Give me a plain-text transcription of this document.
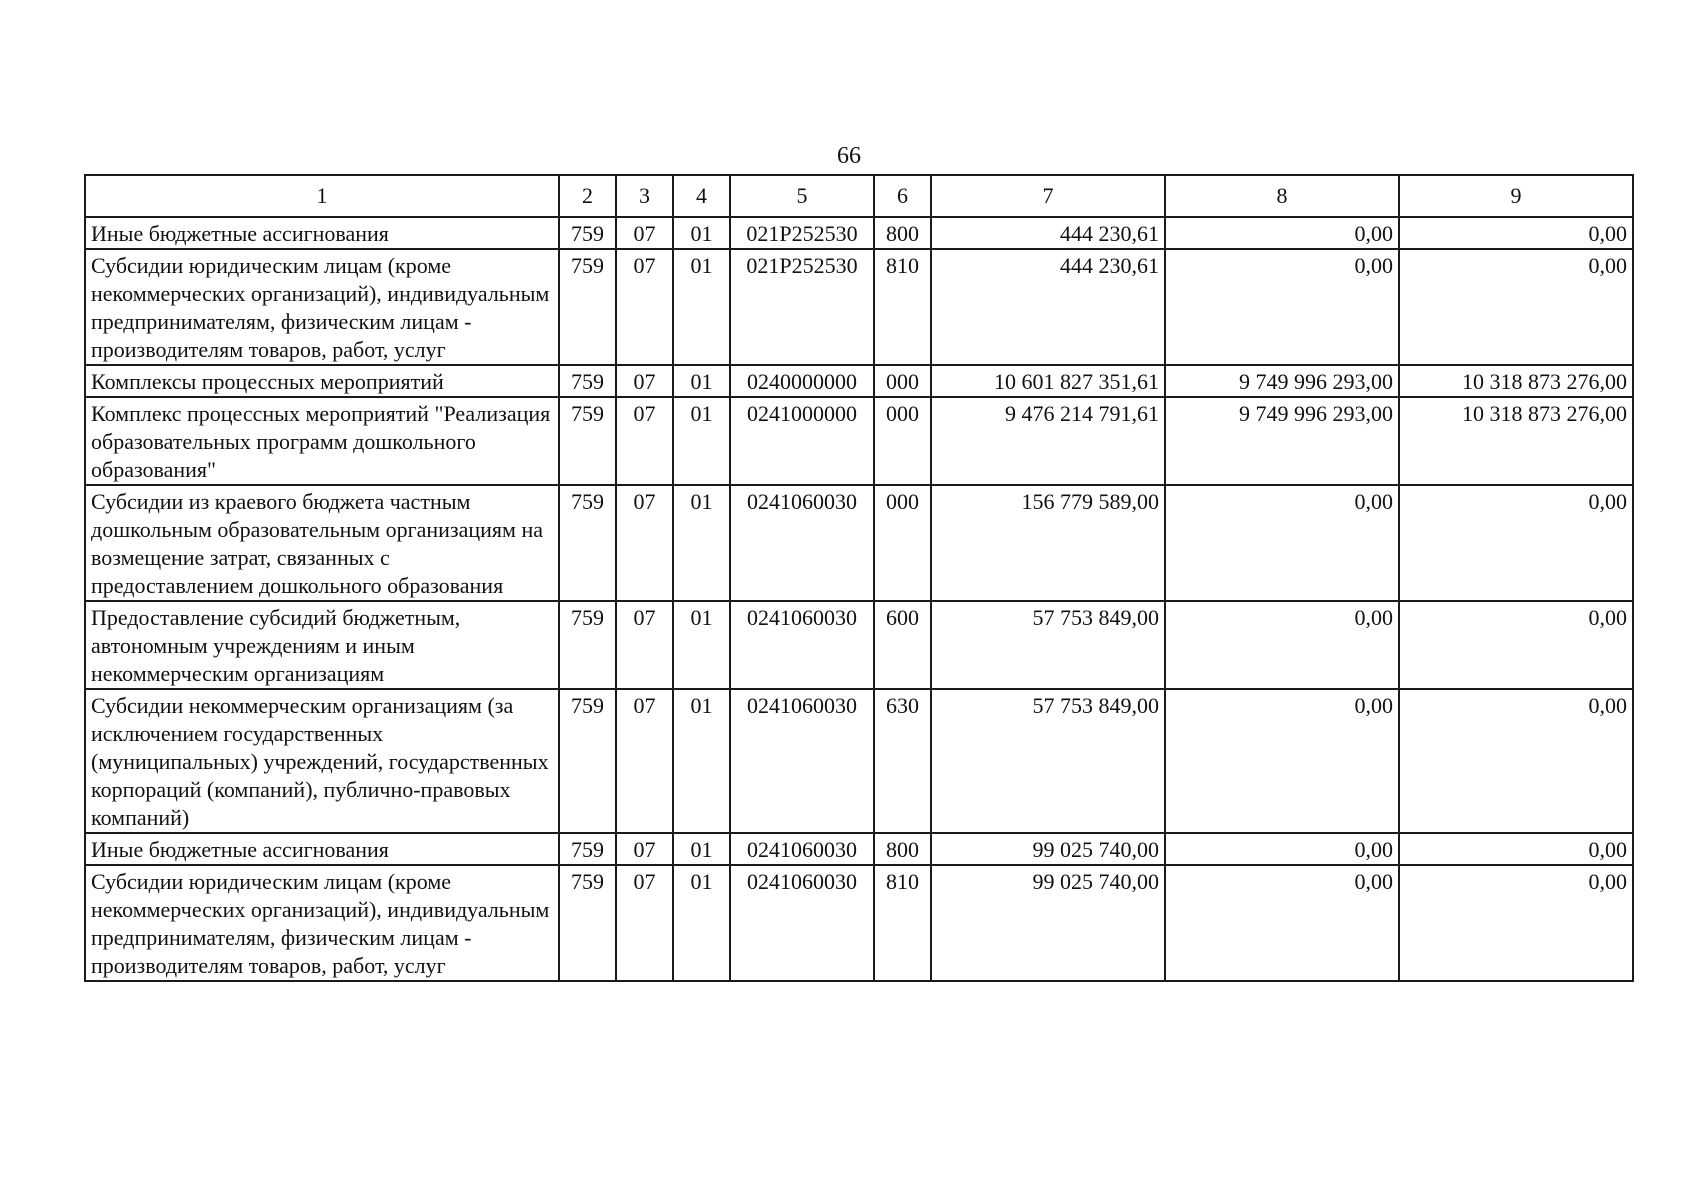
66
1	2	3	4	5	6	7	8	9
Иные бюджетные ассигнования	759	07	01	021P252530	800	444 230,61	0,00	0,00
Субсидии юридическим лицам (кроме некоммерческих организаций), индивидуальным предпринимателям, физическим лицам - производителям товаров, работ, услуг	759	07	01	021P252530	810	444 230,61	0,00	0,00
Комплексы процессных мероприятий	759	07	01	0240000000	000	10 601 827 351,61	9 749 996 293,00	10 318 873 276,00
Комплекс процессных мероприятий "Реализация образовательных программ дошкольного образования"	759	07	01	0241000000	000	9 476 214 791,61	9 749 996 293,00	10 318 873 276,00
Субсидии из краевого бюджета частным дошкольным образовательным организациям на возмещение затрат, связанных с предоставлением дошкольного образования	759	07	01	0241060030	000	156 779 589,00	0,00	0,00
Предоставление субсидий бюджетным, автономным учреждениям и иным некоммерческим организациям	759	07	01	0241060030	600	57 753 849,00	0,00	0,00
Субсидии некоммерческим организациям (за исключением государственных (муниципальных) учреждений, государственных корпораций (компаний), публично-правовых компаний)	759	07	01	0241060030	630	57 753 849,00	0,00	0,00
Иные бюджетные ассигнования	759	07	01	0241060030	800	99 025 740,00	0,00	0,00
Субсидии юридическим лицам (кроме некоммерческих организаций), индивидуальным предпринимателям, физическим лицам - производителям товаров, работ, услуг	759	07	01	0241060030	810	99 025 740,00	0,00	0,00
